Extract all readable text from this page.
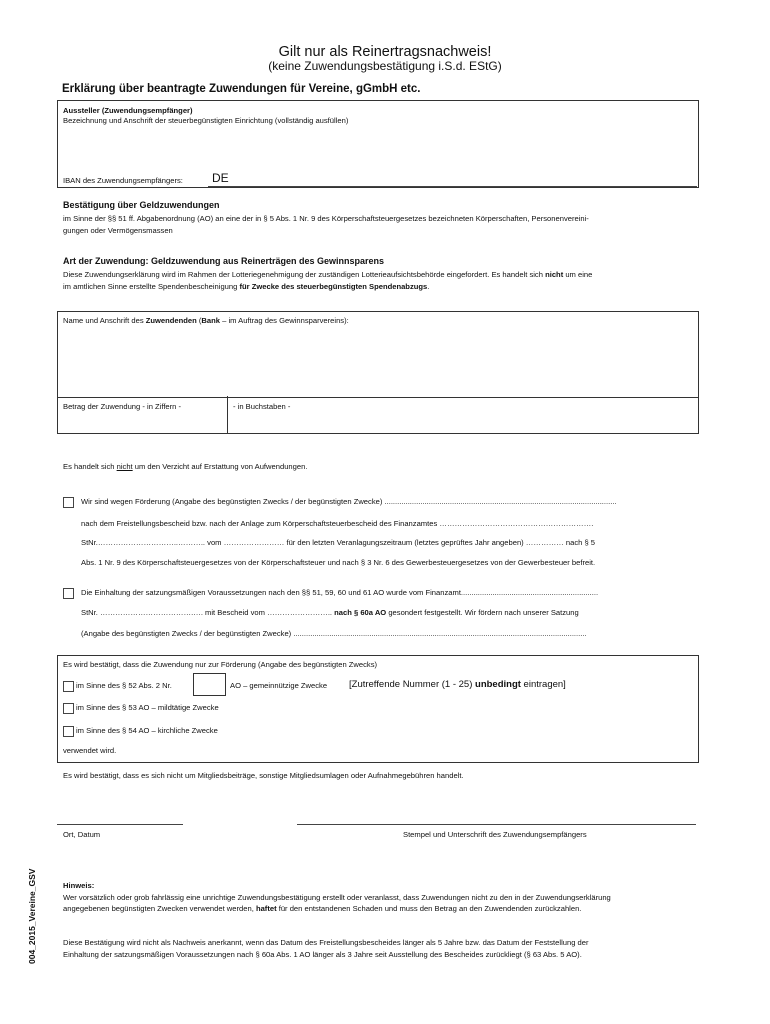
Gilt nur als Reinertragsnachweis!
(keine Zuwendungsbestätigung i.S.d. EStG)
Erklärung über beantragte Zuwendungen für Vereine, gGmbH etc.
Aussteller (Zuwendungsempfänger)
Bezeichnung und Anschrift der steuerbegünstigten Einrichtung (vollständig ausfüllen)
IBAN des Zuwendungsempfängers: DE
Bestätigung über Geldzuwendungen
im Sinne der §§ 51 ff. Abgabenordnung (AO) an eine der in § 5 Abs. 1 Nr. 9 des Körperschaftsteuergesetzes bezeichneten Körperschaften, Personenvereini-
gungen oder Vermögensmassen
Art der Zuwendung: Geldzuwendung aus Reinerträgen des Gewinnsparens
Diese Zuwendungserklärung wird im Rahmen der Lotteriegenehmigung der zuständigen Lotterieaufsichtsbehörde eingefordert. Es handelt sich nicht um eine
im amtlichen Sinne erstellte Spendenbescheinigung für Zwecke des steuerbegünstigten Spendenabzugs.
Name und Anschrift des Zuwendenden (Bank – im Auftrag des Gewinnsparvereins):
Betrag der Zuwendung - in Ziffern -	- in Buchstaben -
Es handelt sich nicht um den Verzicht auf Erstattung von Aufwendungen.
Wir sind wegen Förderung (Angabe des begünstigten Zwecks / der begünstigten Zwecke) ..............................................................................................................
nach dem Freistellungsbescheid bzw. nach der Anlage zum Körperschaftsteuerbescheid des Finanzamtes …………………………………………………….
StNr.…………………………..……….. vom …………………… für den letzten Veranlagungszeitraum (letztes geprüftes Jahr angeben) …………… nach § 5
Abs. 1 Nr. 9 des Körperschaftsteuergesetzes von der Körperschaftsteuer und nach § 3 Nr. 6 des Gewerbesteuergesetzes von der Gewerbesteuer befreit.
Die Einhaltung der satzungsmäßigen Voraussetzungen nach den §§ 51, 59, 60 und 61 AO wurde vom Finanzamt.................................................................
StNr. ……………………………….…. mit Bescheid vom …………………….. nach § 60a AO gesondert festgestellt. Wir fördern nach unserer Satzung
(Angabe des begünstigten Zwecks / der begünstigten Zwecke) ...........................................................................................................................................
Es wird bestätigt, dass die Zuwendung nur zur Förderung (Angabe des begünstigten Zwecks)
im Sinne des § 52 Abs. 2 Nr.	AO – gemeinnützige Zwecke [Zutreffende Nummer (1 - 25) unbedingt eintragen]
im Sinne des § 53 AO – mildtätige Zwecke
im Sinne des § 54 AO – kirchliche Zwecke
verwendet wird.
Es wird bestätigt, dass es sich nicht um Mitgliedsbeiträge, sonstige Mitgliedsumlagen oder Aufnahmegebühren handelt.
Ort, Datum	Stempel und Unterschrift des Zuwendungsempfängers
004_2015_Vereine_GSV	Hinweis:
Wer vorsätzlich oder grob fahrlässig eine unrichtige Zuwendungsbestätigung erstellt oder veranlasst, dass Zuwendungen nicht zu den in der Zuwendungserklärung
angegebenen begünstigten Zwecken verwendet werden, haftet für den entstandenen Schaden und muss den Betrag an den Zuwendenden zurückzahlen.
Diese Bestätigung wird nicht als Nachweis anerkannt, wenn das Datum des Freistellungsbescheides länger als 5 Jahre bzw. das Datum der Feststellung der
Einhaltung der satzungsmäßigen Voraussetzungen nach § 60a Abs. 1 AO länger als 3 Jahre seit Ausstellung des Bescheides zurückliegt (§ 63 Abs. 5 AO).
